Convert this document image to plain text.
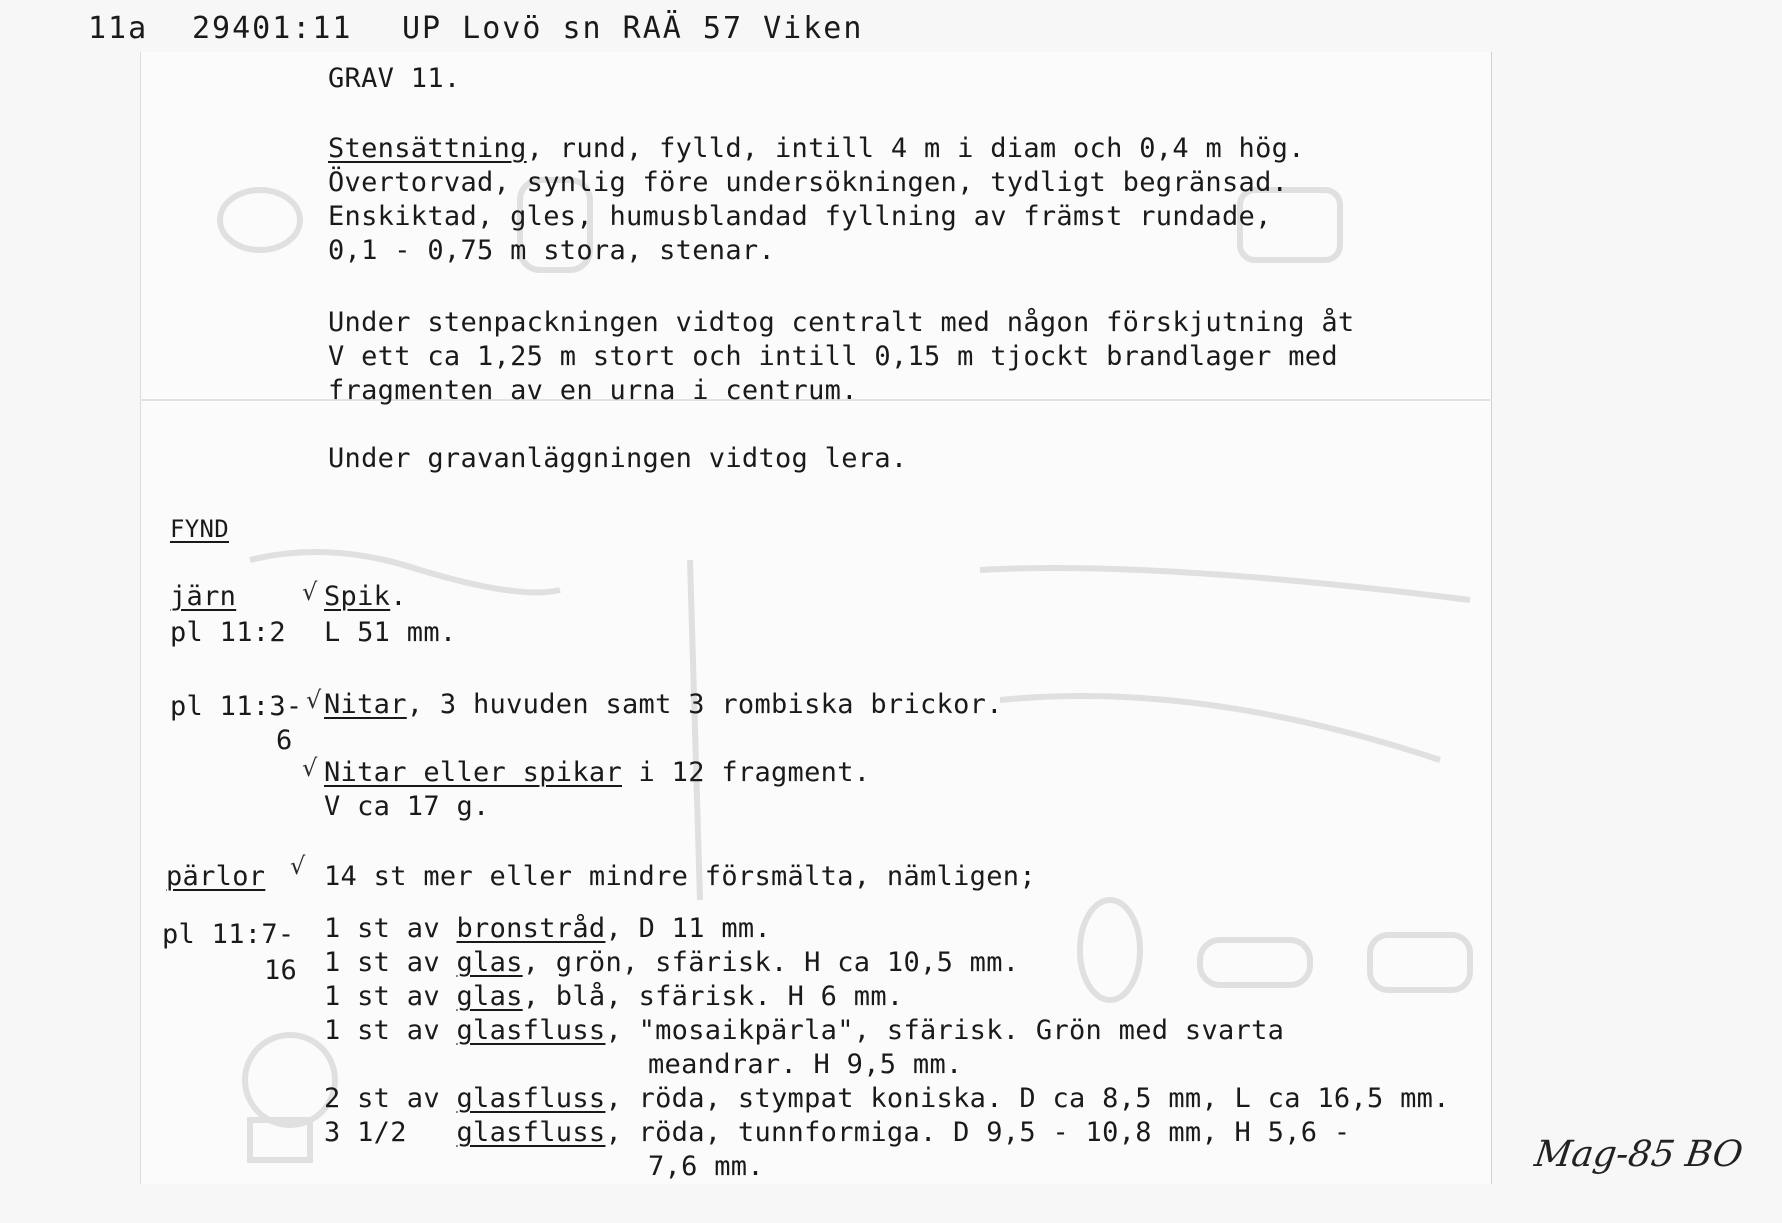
11a 29401:11 UP Lovö sn RAÄ 57 Viken
GRAV 11.
Stensättning, rund, fylld, intill 4 m i diam och 0,4 m hög.
Övertorvad, synlig före undersökningen, tydligt begränsad.
Enskiktad, gles, humusblandad fyllning av främst rundade,
0,1 - 0,75 m stora, stenar.
Under stenpackningen vidtog centralt med någon förskjutning åt
V ett ca 1,25 m stort och intill 0,15 m tjockt brandlager med
fragmenten av en urna i centrum.
Under gravanläggningen vidtog lera.
FYND
järn	√ Spik.
pl 11:2 L 51 mm.
pl 11:3- √ Nitar, 3 huvuden samt 3 rombiska brickor.
6
√ Nitar eller spikar i 12 fragment.
V ca 17 g.
pärlor √ 14 st mer eller mindre försmälta, nämligen;
pl 11:7-
16
1 st av bronstråd, D 11 mm.
1 st av glas, grön, sfärisk. H ca 10,5 mm.
1 st av glas, blå, sfärisk. H 6 mm.
1 st av glasfluss, "mosaikpärla", sfärisk. Grön med svarta
meandrar. H 9,5 mm.
2 st av glasfluss, röda, stympat koniska. D ca 8,5 mm, L ca 16,5 mm.
3 1/2   glasfluss, röda, tunnformiga. D 9,5 - 10,8 mm, H 5,6 -
7,6 mm.	Mag-85 BO
